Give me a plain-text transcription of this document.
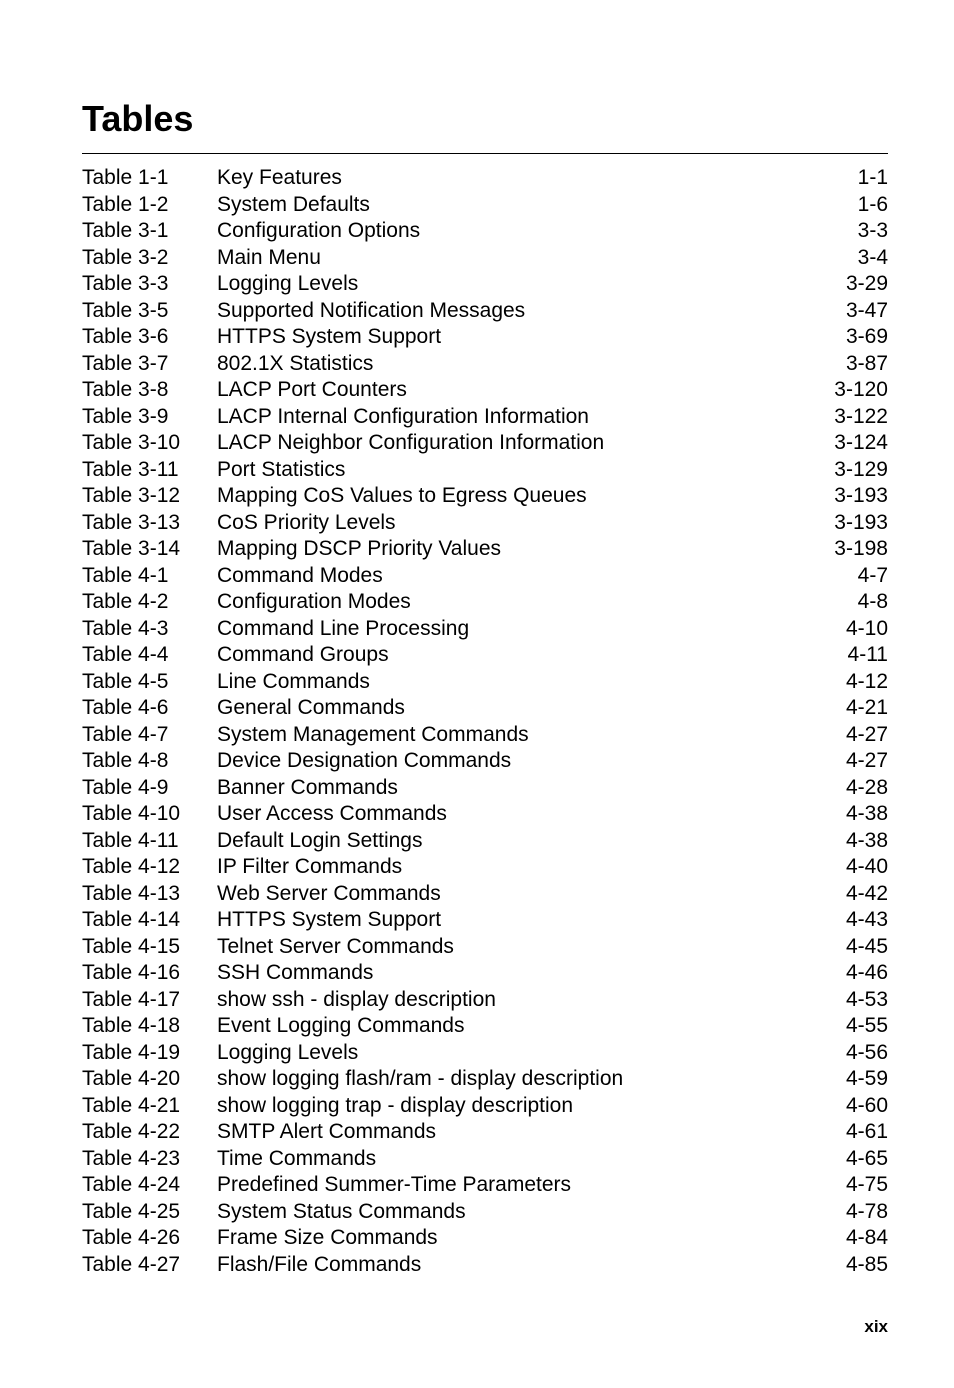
Tables
Table 1-1 Key Features	1-1
Table 1-2 System Defaults	1-6
Table 3-1 Configuration Options	3-3
Table 3-2 Main Menu	3-4
Table 3-3 Logging Levels	3-29
Table 3-5 Supported Notification Messages	3-47
Table 3-6 HTTPS System Support	3-69
Table 3-7 802.1X Statistics	3-87
Table 3-8 LACP Port Counters	3-120
Table 3-9 LACP Internal Configuration Information	3-122
Table 3-10 LACP Neighbor Configuration Information	3-124
Table 3-11 Port Statistics	3-129
Table 3-12 Mapping CoS Values to Egress Queues	3-193
Table 3-13 CoS Priority Levels	3-193
Table 3-14 Mapping DSCP Priority Values	3-198
Table 4-1 Command Modes	4-7
Table 4-2 Configuration Modes	4-8
Table 4-3 Command Line Processing	4-10
Table 4-4 Command Groups	4-11
Table 4-5 Line Commands	4-12
Table 4-6 General Commands	4-21
Table 4-7 System Management Commands	4-27
Table 4-8 Device Designation Commands	4-27
Table 4-9 Banner Commands	4-28
Table 4-10 User Access Commands	4-38
Table 4-11 Default Login Settings	4-38
Table 4-12 IP Filter Commands	4-40
Table 4-13 Web Server Commands	4-42
Table 4-14 HTTPS System Support	4-43
Table 4-15 Telnet Server Commands	4-45
Table 4-16 SSH Commands	4-46
Table 4-17 show ssh - display description	4-53
Table 4-18 Event Logging Commands	4-55
Table 4-19 Logging Levels	4-56
Table 4-20 show logging flash/ram - display description	4-59
Table 4-21 show logging trap - display description	4-60
Table 4-22 SMTP Alert Commands	4-61
Table 4-23 Time Commands	4-65
Table 4-24 Predefined Summer-Time Parameters	4-75
Table 4-25 System Status Commands	4-78
Table 4-26 Frame Size Commands	4-84
Table 4-27 Flash/File Commands	4-85
xix
